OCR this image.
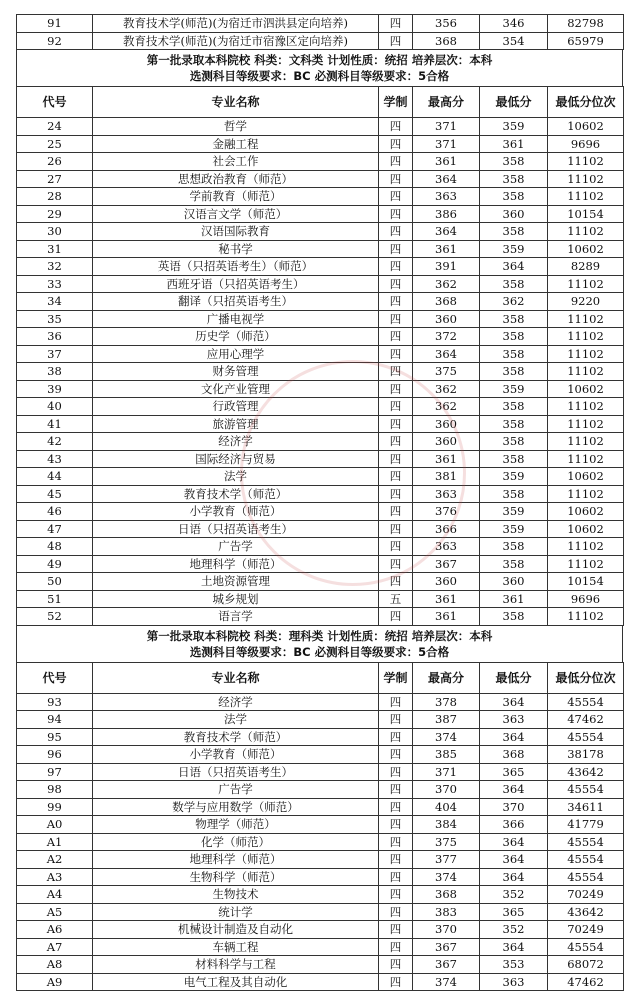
91	教育技术学(师范)(为宿迁市泗洪县定向培养)	四	356	346	82798
92	教育技术学(师范)(为宿迁市宿豫区定向培养)	四	368	354	65979
第一批录取本科院校 科类：文科类 计划性质：统招 培养层次：本科
选测科目等级要求：BC 必测科目等级要求：5合格
代号	专业名称	学制	最高分	最低分	最低分位次
24	哲学	四	371	359	10602
25	金融工程	四	371	361	9696
26	社会工作	四	361	358	11102
27	思想政治教育（师范）	四	364	358	11102
28	学前教育（师范）	四	363	358	11102
29	汉语言文学（师范）	四	386	360	10154
30	汉语国际教育	四	364	358	11102
31	秘书学	四	361	359	10602
32	英语（只招英语考生）（师范）	四	391	364	8289
33	西班牙语（只招英语考生）	四	362	358	11102
34	翻译（只招英语考生）	四	368	362	9220
35	广播电视学	四	360	358	11102
36	历史学（师范）	四	372	358	11102
37	应用心理学	四	364	358	11102
38	财务管理	四	375	358	11102
39	文化产业管理	四	362	359	10602
40	行政管理	四	362	358	11102
41	旅游管理	四	360	358	11102
42	经济学	四	360	358	11102
43	国际经济与贸易	四	361	358	11102
44	法学	四	381	359	10602
45	教育技术学（师范）	四	363	358	11102
46	小学教育（师范）	四	376	359	10602
47	日语（只招英语考生）	四	366	359	10602
48	广告学	四	363	358	11102
49	地理科学（师范）	四	367	358	11102
50	土地资源管理	四	360	360	10154
51	城乡规划	五	361	361	9696
52	语言学	四	361	358	11102
第一批录取本科院校 科类：理科类 计划性质：统招 培养层次：本科
选测科目等级要求：BC 必测科目等级要求：5合格
代号	专业名称	学制	最高分	最低分	最低分位次
93	经济学	四	378	364	45554
94	法学	四	387	363	47462
95	教育技术学（师范）	四	374	364	45554
96	小学教育（师范）	四	385	368	38178
97	日语（只招英语考生）	四	371	365	43642
98	广告学	四	370	364	45554
99	数学与应用数学（师范）	四	404	370	34611
A0	物理学（师范）	四	384	366	41779
A1	化学（师范）	四	375	364	45554
A2	地理科学（师范）	四	377	364	45554
A3	生物科学（师范）	四	374	364	45554
A4	生物技术	四	368	352	70249
A5	统计学	四	383	365	43642
A6	机械设计制造及自动化	四	370	352	70249
A7	车辆工程	四	367	364	45554
A8	材料科学与工程	四	367	353	68072
A9	电气工程及其自动化	四	374	363	47462
